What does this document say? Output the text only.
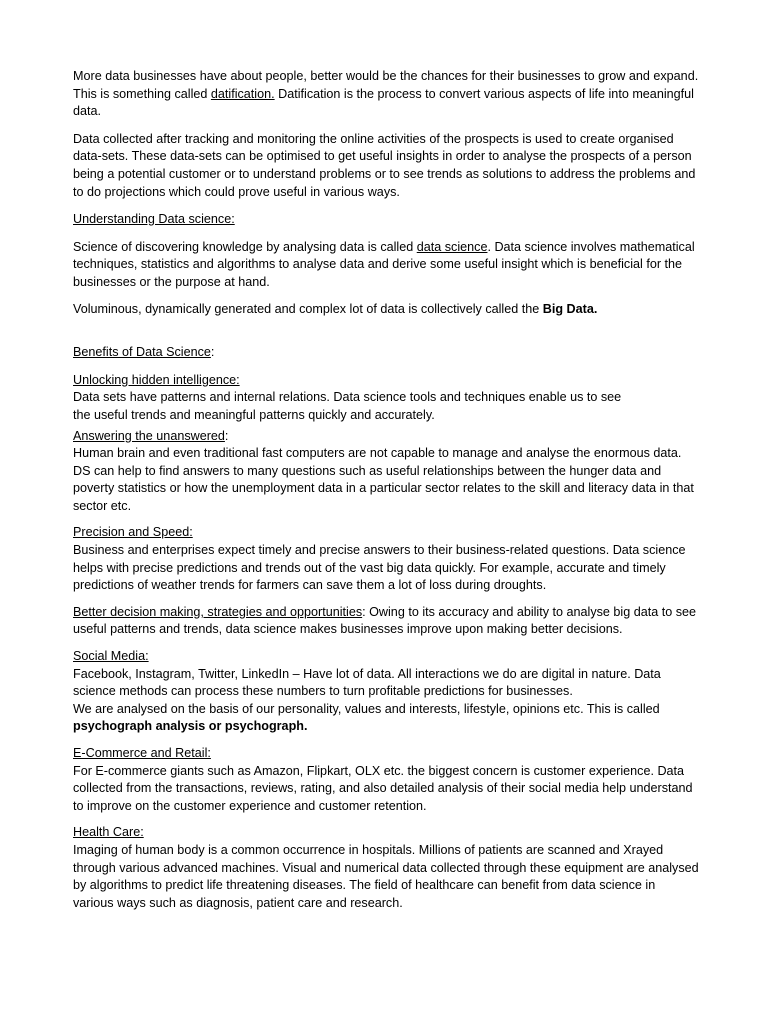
More data businesses have about people, better would be the chances for their businesses to grow and expand. This is something called datification. Datification is the process to convert various aspects of life into meaningful data.

Data collected after tracking and monitoring the online activities of the prospects is used to create organised data-sets. These data-sets can be optimised to get useful insights in order to analyse the prospects of a person being a potential customer or to understand problems or to see trends as solutions to address the problems and to do projections which could prove useful in various ways.

Understanding Data science:

Science of discovering knowledge by analysing data is called data science. Data science involves mathematical techniques, statistics and algorithms to analyse data and derive some useful insight which is beneficial for the businesses or the purpose at hand.

Voluminous, dynamically generated and complex lot of data is collectively called the Big Data.

Benefits of Data Science:

Unlocking hidden intelligence:

Data sets have patterns and internal relations. Data science tools and techniques enable us to see

the useful trends and meaningful patterns quickly and accurately.

Answering the unanswered:

Human brain and even traditional fast computers are not capable to manage and analyse the enormous data. DS can help to find answers to many questions such as useful relationships between the hunger data and poverty statistics or how the unemployment data in a particular sector relates to the skill and literacy data in that sector etc.

Precision and Speed:

Business and enterprises expect timely and precise answers to their business-related questions. Data science helps with precise predictions and trends out of the vast big data quickly. For example, accurate and timely predictions of weather trends for farmers can save them a lot of loss during droughts.

Better decision making, strategies and opportunities: Owing to its accuracy and ability to analyse big data to see useful patterns and trends, data science makes businesses improve upon making better decisions.

Social Media:

Facebook, Instagram, Twitter, LinkedIn – Have lot of data. All interactions we do are digital in nature. Data science methods can process these numbers to turn profitable predictions for businesses.

We are analysed on the basis of our personality, values and interests, lifestyle, opinions etc. This is called psychograph analysis or psychograph.

E-Commerce and Retail:

For E-commerce giants such as Amazon, Flipkart, OLX etc. the biggest concern is customer experience. Data collected from the transactions, reviews, rating, and also detailed analysis of their social media help understand to improve on the customer experience and customer retention.

Health Care:

Imaging of human body is a common occurrence in hospitals. Millions of patients are scanned and Xrayed through various advanced machines. Visual and numerical data collected through these equipment are analysed by algorithms to predict life threatening diseases. The field of healthcare can benefit from data science in various ways such as diagnosis, patient care and research.
